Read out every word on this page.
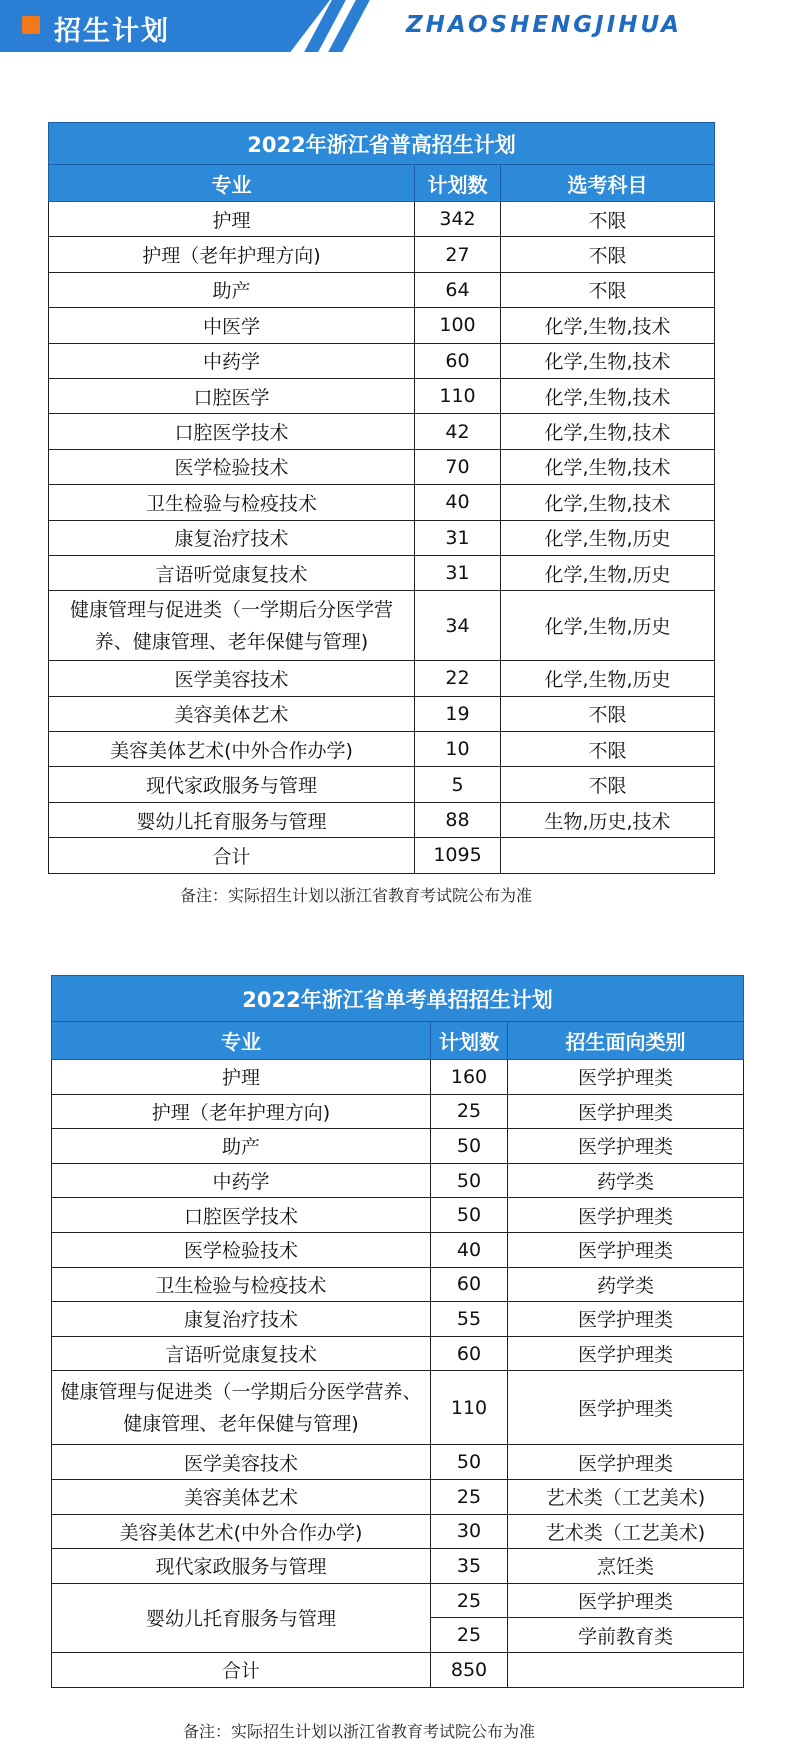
招生计划	ZHAOSHENGJIHUA
2022年浙江省普高招生计划		
专业	计划数	选考科目
护理	342	不限
护理（老年护理方向)	27	不限
助产	64	不限
中医学	100	化学,生物,技术
中药学	60	化学,生物,技术
口腔医学	110	化学,生物,技术
口腔医学技术	42	化学,生物,技术
医学检验技术	70	化学,生物,技术
卫生检验与检疫技术	40	化学,生物,技术
康复治疗技术	31	化学,生物,历史
言语听觉康复技术	31	化学,生物,历史
健康管理与促进类（一学期后分医学营养、健康管理、老年保健与管理)	34	化学,生物,历史
医学美容技术	22	化学,生物,历史
美容美体艺术	19	不限
美容美体艺术(中外合作办学)	10	不限
现代家政服务与管理	5	不限
婴幼儿托育服务与管理	88	生物,历史,技术
合计	1095	
备注：实际招生计划以浙江省教育考试院公布为准
2022年浙江省单考单招招生计划		
专业	计划数	招生面向类别
护理	160	医学护理类
护理（老年护理方向)	25	医学护理类
助产	50	医学护理类
中药学	50	药学类
口腔医学技术	50	医学护理类
医学检验技术	40	医学护理类
卫生检验与检疫技术	60	药学类
康复治疗技术	55	医学护理类
言语听觉康复技术	60	医学护理类
健康管理与促进类（一学期后分医学营养、健康管理、老年保健与管理)	110	医学护理类
医学美容技术	50	医学护理类
美容美体艺术	25	艺术类（工艺美术)
美容美体艺术(中外合作办学)	30	艺术类（工艺美术)
现代家政服务与管理	35	烹饪类
婴幼儿托育服务与管理	25	医学护理类
	25	学前教育类
合计	850	
备注：实际招生计划以浙江省教育考试院公布为准
